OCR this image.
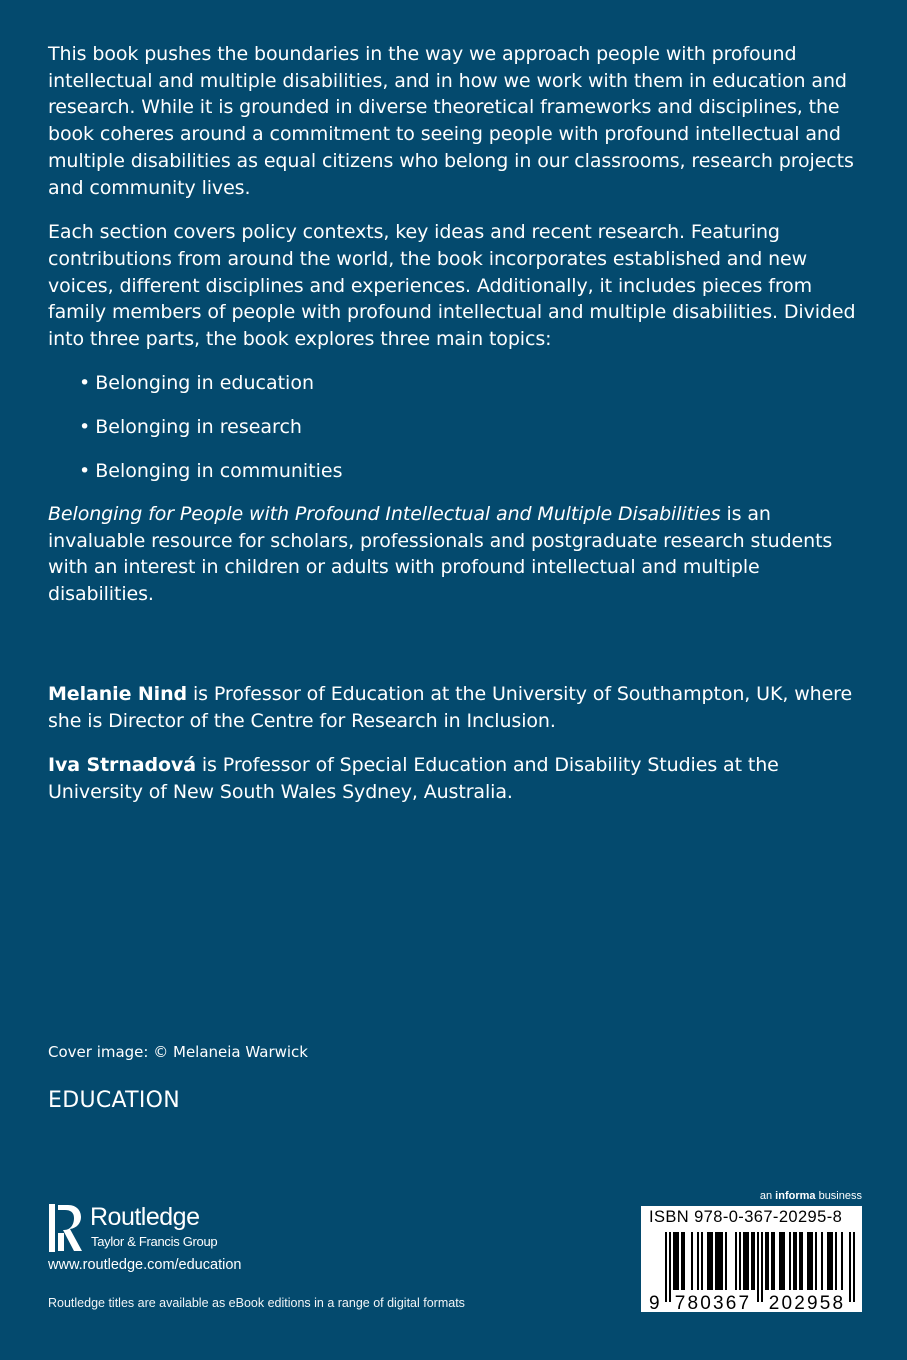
This book pushes the boundaries in the way we approach people with profound intellectual and multiple disabilities, and in how we work with them in education and research. While it is grounded in diverse theoretical frameworks and disciplines, the book coheres around a commitment to seeing people with profound intellectual and multiple disabilities as equal citizens who belong in our classrooms, research projects and community lives.

Each section covers policy contexts, key ideas and recent research. Featuring contributions from around the world, the book incorporates established and new voices, different disciplines and experiences. Additionally, it includes pieces from family members of people with profound intellectual and multiple disabilities. Divided into three parts, the book explores three main topics:

• Belonging in education
• Belonging in research
• Belonging in communities

Belonging for People with Profound Intellectual and Multiple Disabilities is an invaluable resource for scholars, professionals and postgraduate research students with an interest in children or adults with profound intellectual and multiple disabilities.

Melanie Nind is Professor of Education at the University of Southampton, UK, where she is Director of the Centre for Research in Inclusion.

Iva Strnadová is Professor of Special Education and Disability Studies at the University of New South Wales Sydney, Australia.

Cover image: © Melaneia Warwick
EDUCATION
Routledge
Taylor & Francis Group
www.routledge.com/education
Routledge titles are available as eBook editions in a range of digital formats
an informa business
ISBN 978-0-367-20295-8
9 780367 202958
